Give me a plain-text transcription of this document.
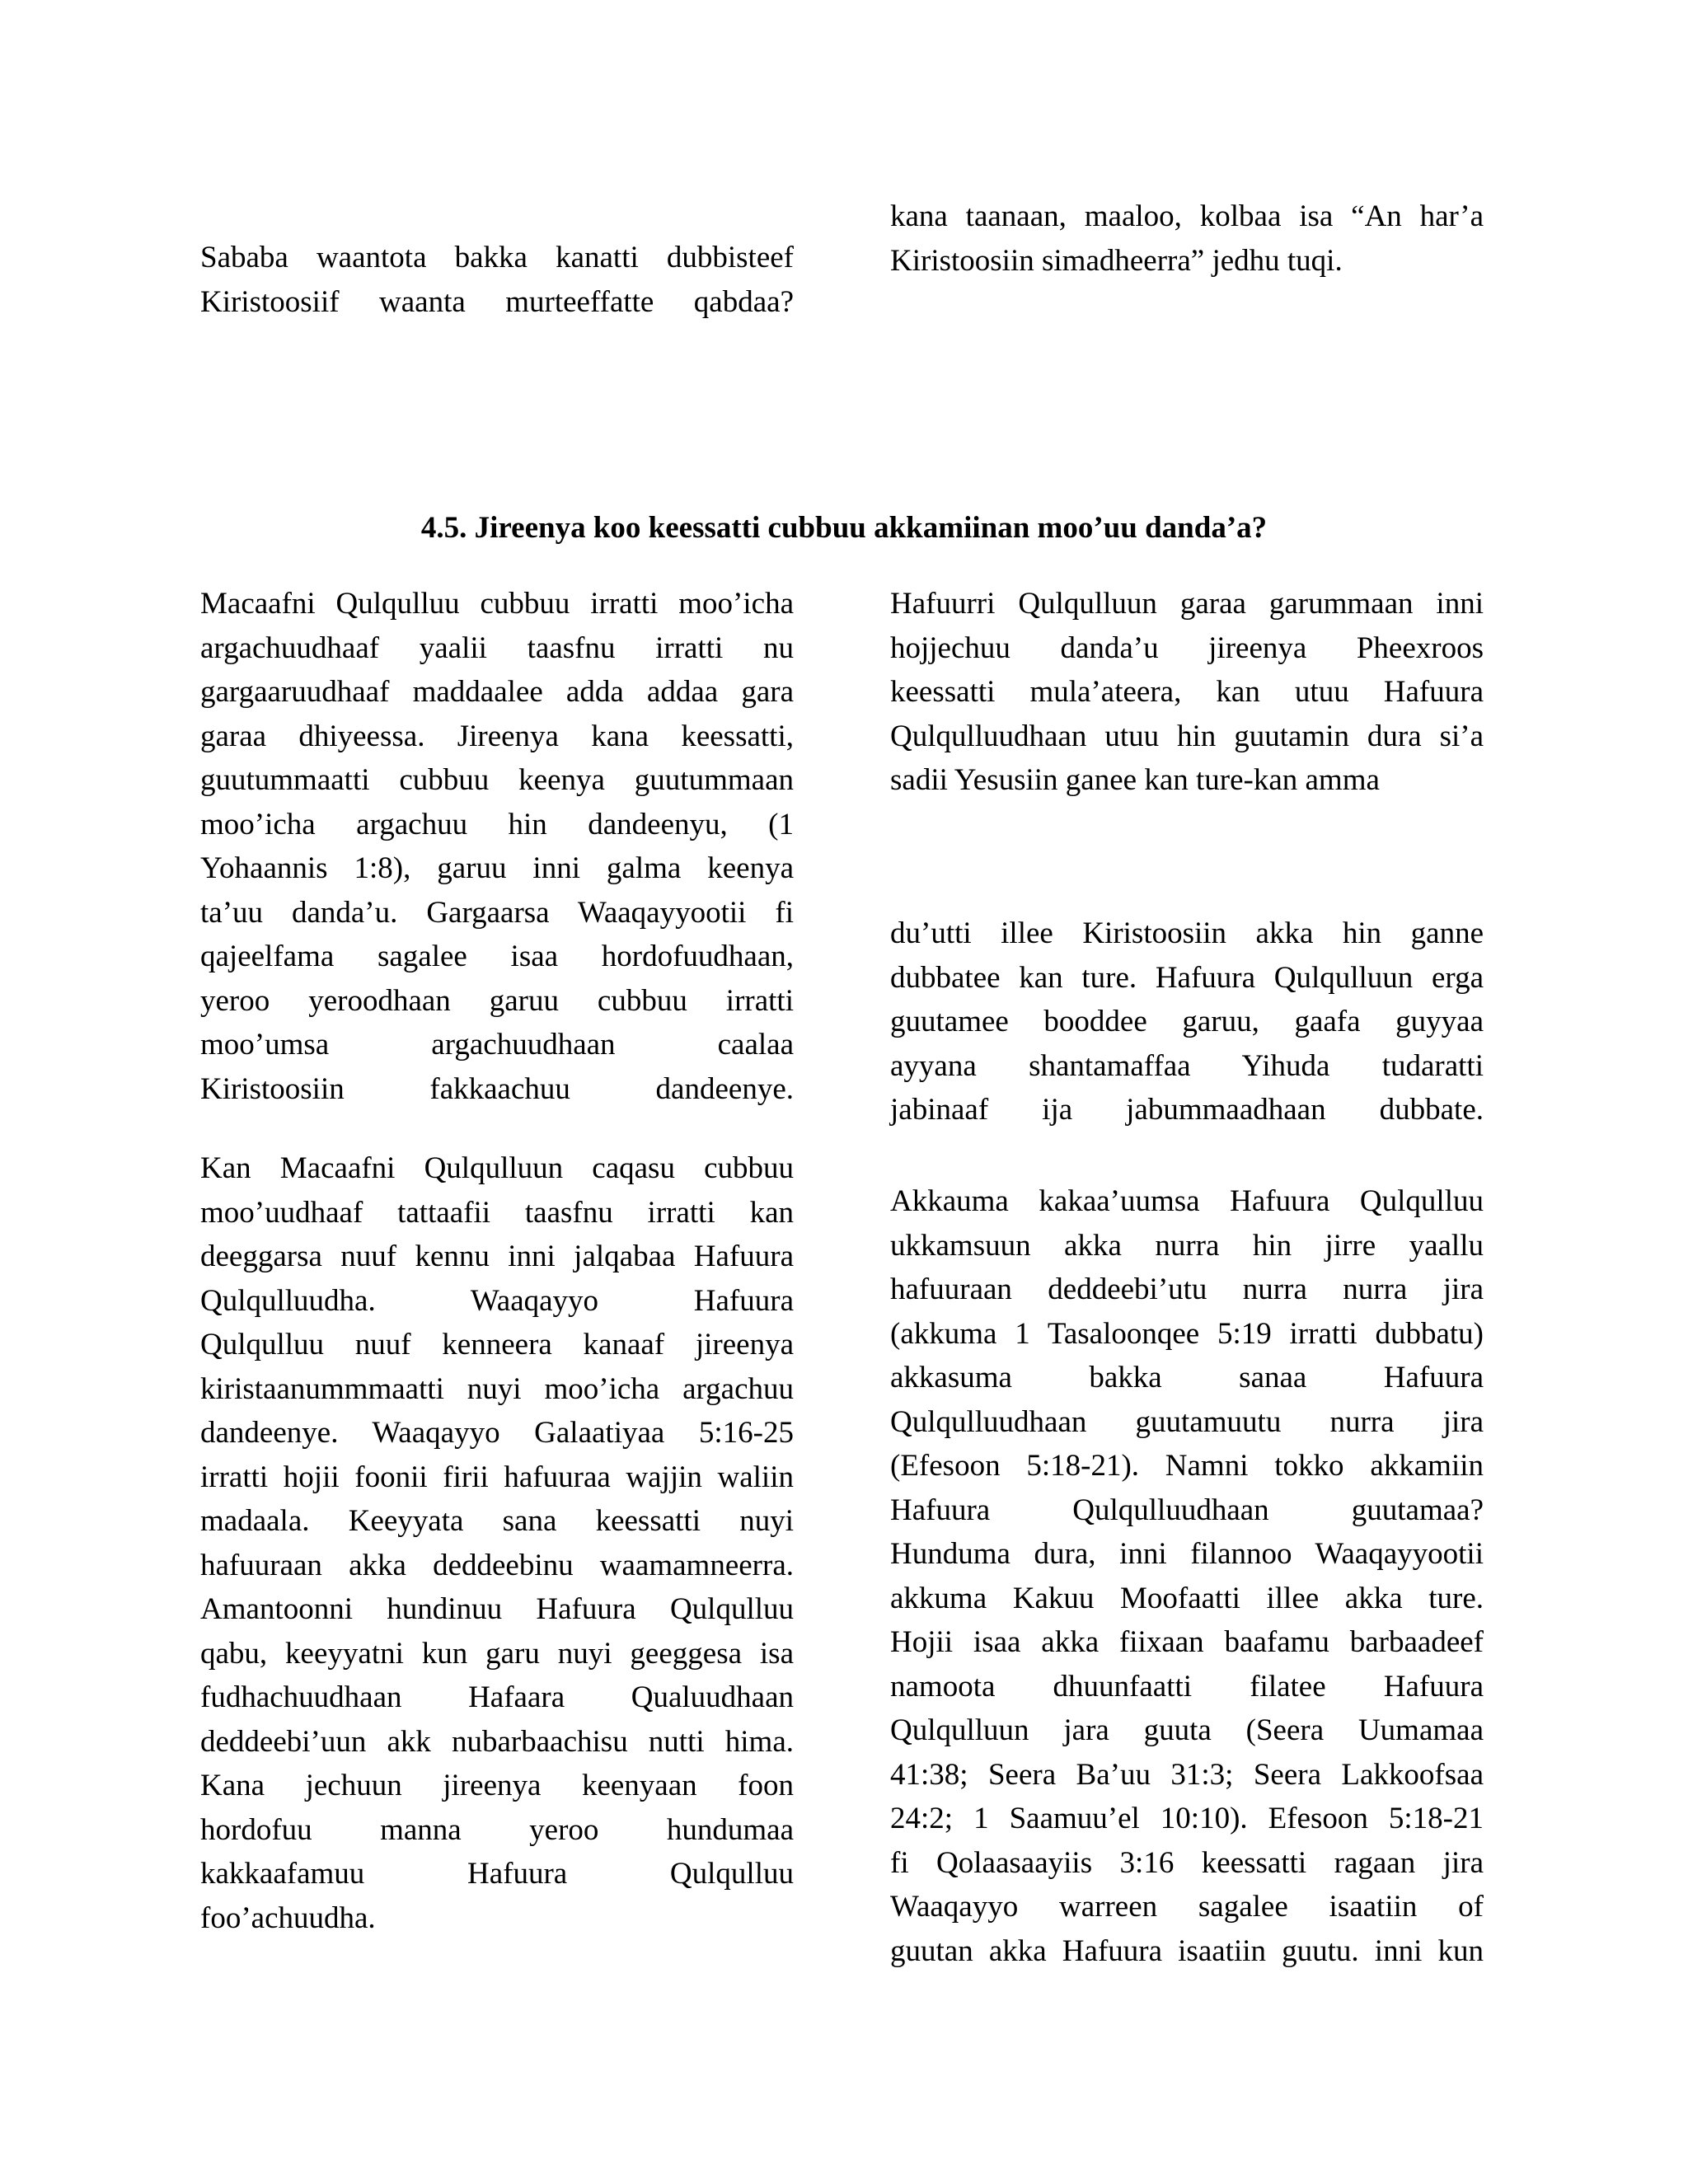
Sababa waantota bakka kanatti dubbisteef
Kiristoosiif waanta murteeffatte qabdaa?
kana taanaan, maaloo, kolbaa isa “An har’a
Kiristoosiin simadheerra” jedhu tuqi.
4.5. Jireenya koo keessatti cubbuu akkamiinan moo’uu danda’a?
Macaafni Qulqulluu cubbuu irratti moo’icha
argachuudhaaf yaalii taasfnu irratti nu
gargaaruudhaaf maddaalee adda addaa gara
garaa dhiyeessa. Jireenya kana keessatti,
guutummaatti cubbuu keenya guutummaan
moo’icha argachuu hin dandeenyu, (1
Yohaannis 1:8), garuu inni galma keenya
ta’uu danda’u. Gargaarsa Waaqayyootii fi
qajeelfama sagalee isaa hordofuudhaan,
yeroo yeroodhaan garuu cubbuu irratti
moo’umsa argachuudhaan caalaa
Kiristoosiin fakkaachuu dandeenye.
Kan Macaafni Qulqulluun caqasu cubbuu
moo’uudhaaf tattaafii taasfnu irratti kan
deeggarsa nuuf kennu inni jalqabaa Hafuura
Qulqulluudha. Waaqayyo Hafuura
Qulqulluu nuuf kenneera kanaaf jireenya
kiristaanummmaatti nuyi moo’icha argachuu
dandeenye. Waaqayyo Galaatiyaa 5:16-25
irratti hojii foonii firii hafuuraa wajjin waliin
madaala. Keeyyata sana keessatti nuyi
hafuuraan akka deddeebinu waamamneerra.
Amantoonni hundinuu Hafuura Qulqulluu
qabu, keeyyatni kun garu nuyi geeggesa isa
fudhachuudhaan Hafaara Qualuudhaan
deddeebi’uun akk nubarbaachisu nutti hima.
Kana jechuun jireenya keenyaan foon
hordofuu manna yeroo hundumaa
kakkaafamuu Hafuura Qulqulluu
foo’achuudha.
Hafuurri Qulqulluun garaa garummaan inni
hojjechuu danda’u jireenya Pheexroos
keessatti mula’ateera, kan utuu Hafuura
Qulqulluudhaan utuu hin guutamin dura si’a
sadii Yesusiin ganee kan ture-kan amma
du’utti illee Kiristoosiin akka hin ganne
dubbatee kan ture. Hafuura Qulqulluun erga
guutamee booddee garuu, gaafa guyyaa
ayyana shantamaffaa Yihuda tudaratti
jabinaaf ija jabummaadhaan dubbate.
Akkauma kakaa’uumsa Hafuura Qulqulluu
ukkamsuun akka nurra hin jirre yaallu
hafuuraan deddeebi’utu nurra nurra jira
(akkuma 1 Tasaloonqee 5:19 irratti dubbatu)
akkasuma bakka sanaa Hafuura
Qulqulluudhaan guutamuutu nurra jira
(Efesoon 5:18-21). Namni tokko akkamiin
Hafuura Qulqulluudhaan guutamaa?
Hunduma dura, inni filannoo Waaqayyootii
akkuma Kakuu Moofaatti illee akka ture.
Hojii isaa akka fiixaan baafamu barbaadeef
namoota dhuunfaatti filatee Hafuura
Qulqulluun jara guuta (Seera Uumamaa
41:38; Seera Ba’uu 31:3; Seera Lakkoofsaa
24:2; 1 Saamuu’el 10:10). Efesoon 5:18-21
fi Qolaasaayiis 3:16 keessatti ragaan jira
Waaqayyo warreen sagalee isaatiin of
guutan akka Hafuura isaatiin guutu. inni kun
